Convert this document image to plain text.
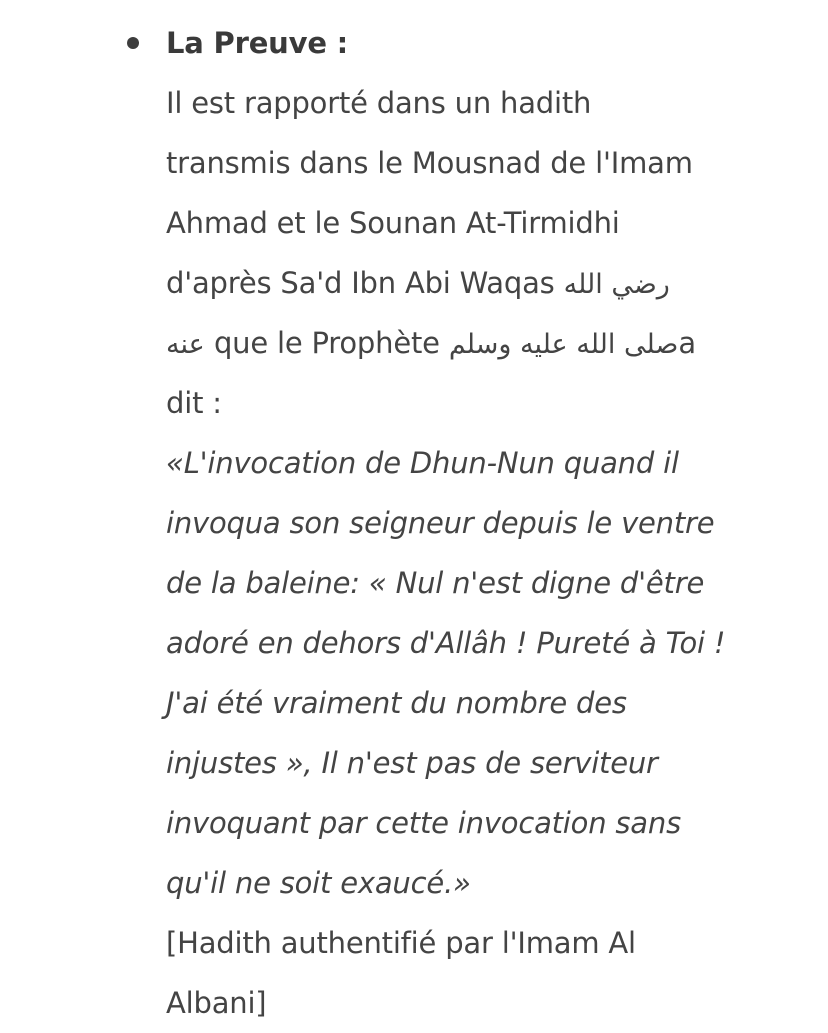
La Preuve :
Il est rapporté dans un hadith
transmis dans le Mousnad de l'Imam
Ahmad et le Sounan At-Tirmidhi
d'après Sa'd Ibn Abi Waqas رضي الله
عنه que le Prophète صلى الله عليه وسلمa
dit :
«L'invocation de Dhun-Nun quand il
invoqua son seigneur depuis le ventre
de la baleine: « Nul n'est digne d'être
adoré en dehors d'Allâh ! Pureté à Toi !
J'ai été vraiment du nombre des
injustes », Il n'est pas de serviteur
invoquant par cette invocation sans
qu'il ne soit exaucé.»
[Hadith authentifié par l'Imam Al
Albani]
